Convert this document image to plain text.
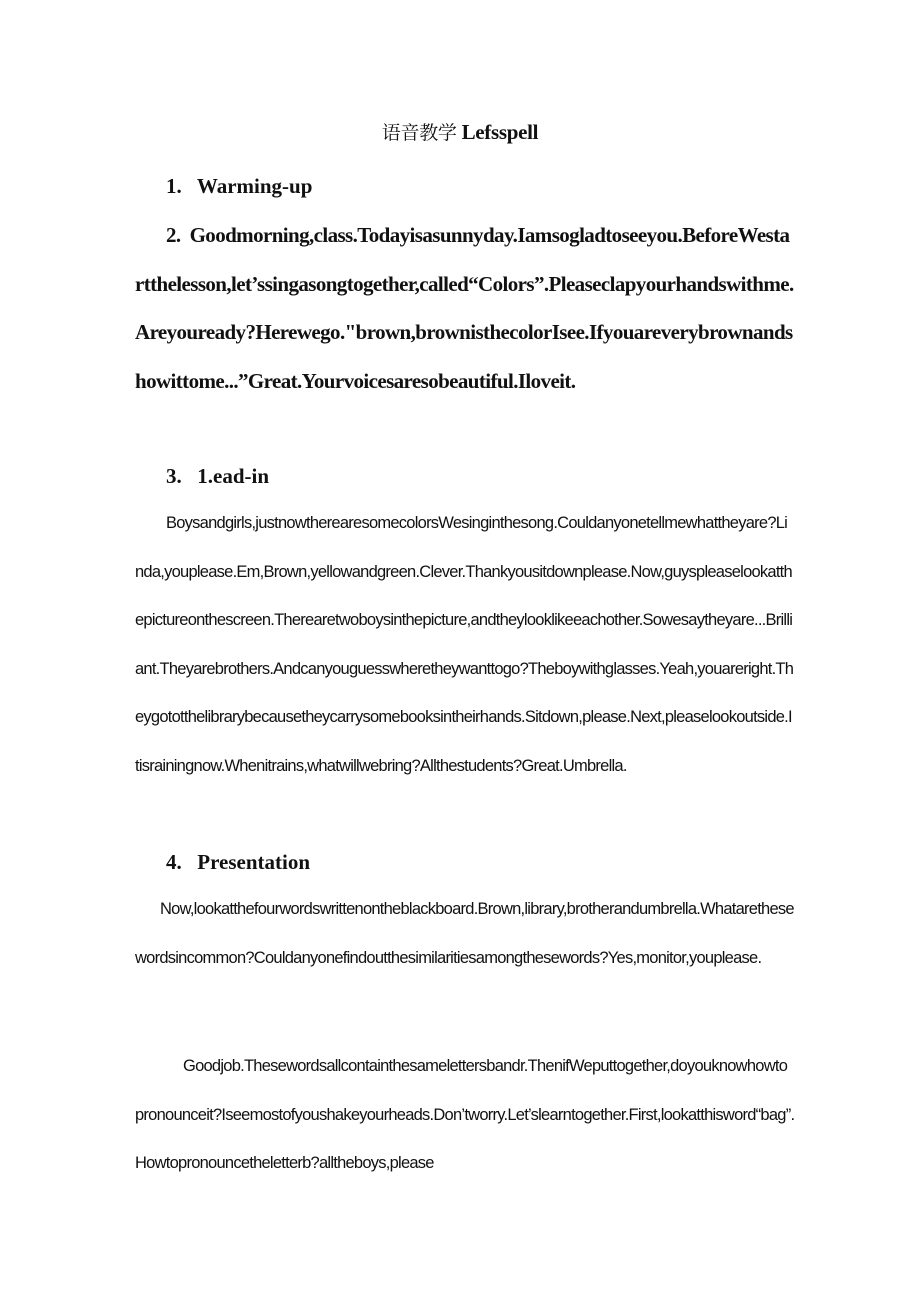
语音教学 Lefsspell
1. Warming-up
2. Goodmorning,class.Todayisasunnyday.Iamsogladtoseeyou.BeforeWestartthelesson,let’ssingasongtogether,called“Colors”.Pleaseclapyourhandswithme.Areyouready?Herewego."brown,brownisthecolorIsee.Ifyouareverybrownandshowittome...”Great.Yourvoicesaresobeautiful.Iloveit.
3. 1.ead-in
Boysandgirls,justnowtherearesomecolorsWesinginthesong.Couldanyonetellmewhattheyare?Linda,youplease.Em,Brown,yellowandgreen.Clever.Thankyousitdownplease.Now,guyspleaselookatthepictureonthescreen.Therearetwoboysinthepicture,andtheylooklikeeachother.Sowesaytheyare...Brilliant.Theyarebrothers.Andcanyouguesswheretheywanttogo?Theboywithglasses.Yeah,youareright.Theygototthelibrarybecausetheycarrysomebooksintheirhands.Sitdown,please.Next,pleaselookoutside.Itisrainingnow.Whenitrains,whatwillwebring?Allthestudents?Great.Umbrella.
4. Presentation
Now,lookatthefourwordswrittenontheblackboard.Brown,library,brotherandumbrella.Whatarethesewordsincommon?Couldanyonefindoutthesimilaritiesamongthesewords?Yes,monitor,youplease.
Goodjob.Thesewordsallcontainthesamelettersbandr.ThenifWeputtogether,doyouknowhowtopronounceit?Iseemostofyoushakeyourheads.Don’tworry.Let’slearntogether.First,lookatthisword“bag”.Howtopronouncetheletterb?alltheboys,please
